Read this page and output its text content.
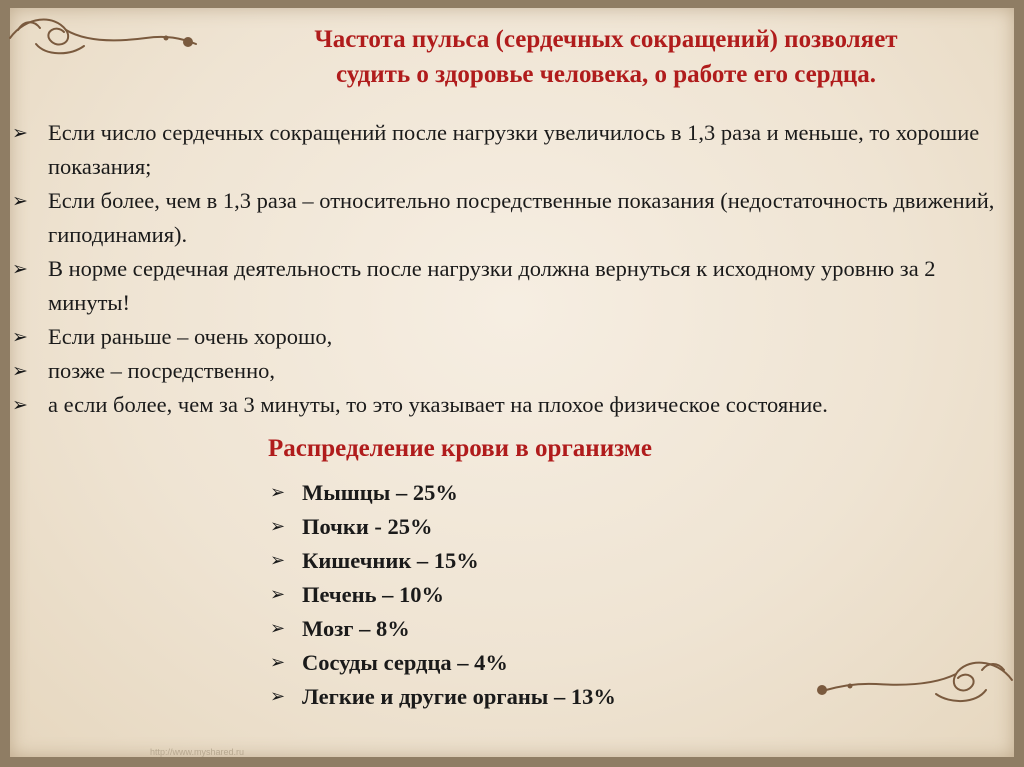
Частота пульса (сердечных сокращений) позволяет
судить о здоровье человека, о работе его сердца.
➢ Если число сердечных сокращений после нагрузки увеличилось в 1,3 раза и меньше, то хорошие показания;
➢ Если более, чем в 1,3 раза – относительно посредственные показания (недостаточность движений, гиподинамия).
➢ В норме сердечная деятельность после нагрузки должна вернуться к исходному уровню за 2 минуты!
➢ Если раньше – очень хорошо,
➢ позже – посредственно,
➢ а если более, чем за 3 минуты, то это указывает на плохое физическое состояние.
Распределение крови в организме
➢ Мышцы – 25%
➢ Почки - 25%
➢ Кишечник – 15%
➢ Печень – 10%
➢ Мозг – 8%
➢ Сосуды сердца – 4%
➢ Легкие и другие органы – 13%
http://www.myshared.ru
